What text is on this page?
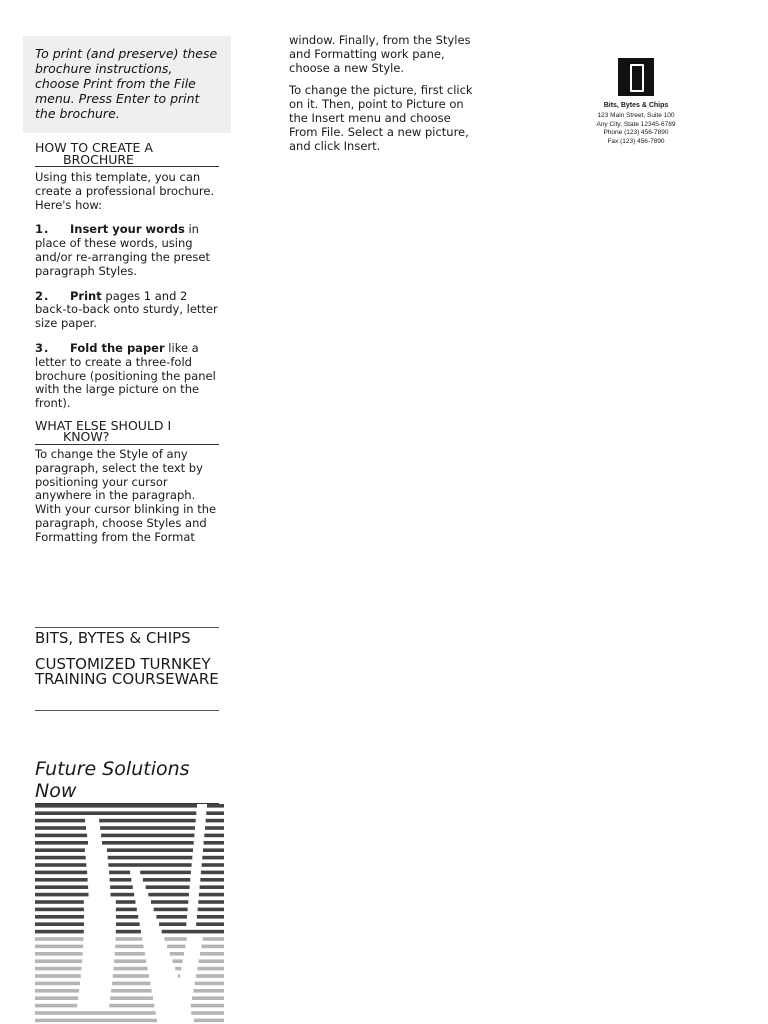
To print (and preserve) these brochure instructions, choose Print from the File menu. Press Enter to print the brochure.
HOW TO CREATE A
BROCHURE

Using this template, you can create a professional brochure. Here's how:

1. Insert your words in place of these words, using and/or re-arranging the preset paragraph Styles.

2. Print pages 1 and 2 back-to-back onto sturdy, letter size paper.

3. Fold the paper like a letter to create a three-fold brochure (positioning the panel with the large picture on the front).

WHAT ELSE SHOULD I
KNOW?

To change the Style of any paragraph, select the text by positioning your cursor anywhere in the paragraph. With your cursor blinking in the paragraph, choose Styles and Formatting from the Format

BITS, BYTES & CHIPS
CUSTOMIZED TURNKEY TRAINING COURSEWARE
Future Solutions Now

window. Finally, from the Styles and Formatting work pane, choose a new Style.

To change the picture, first click on it. Then, point to Picture on the Insert menu and choose From File. Select a new picture, and click Insert.

Bits, Bytes & Chips
123 Main Street, Suite 100
Any City, State 12345-6789
Phone (123) 456-7890
Fax (123) 456-7890
